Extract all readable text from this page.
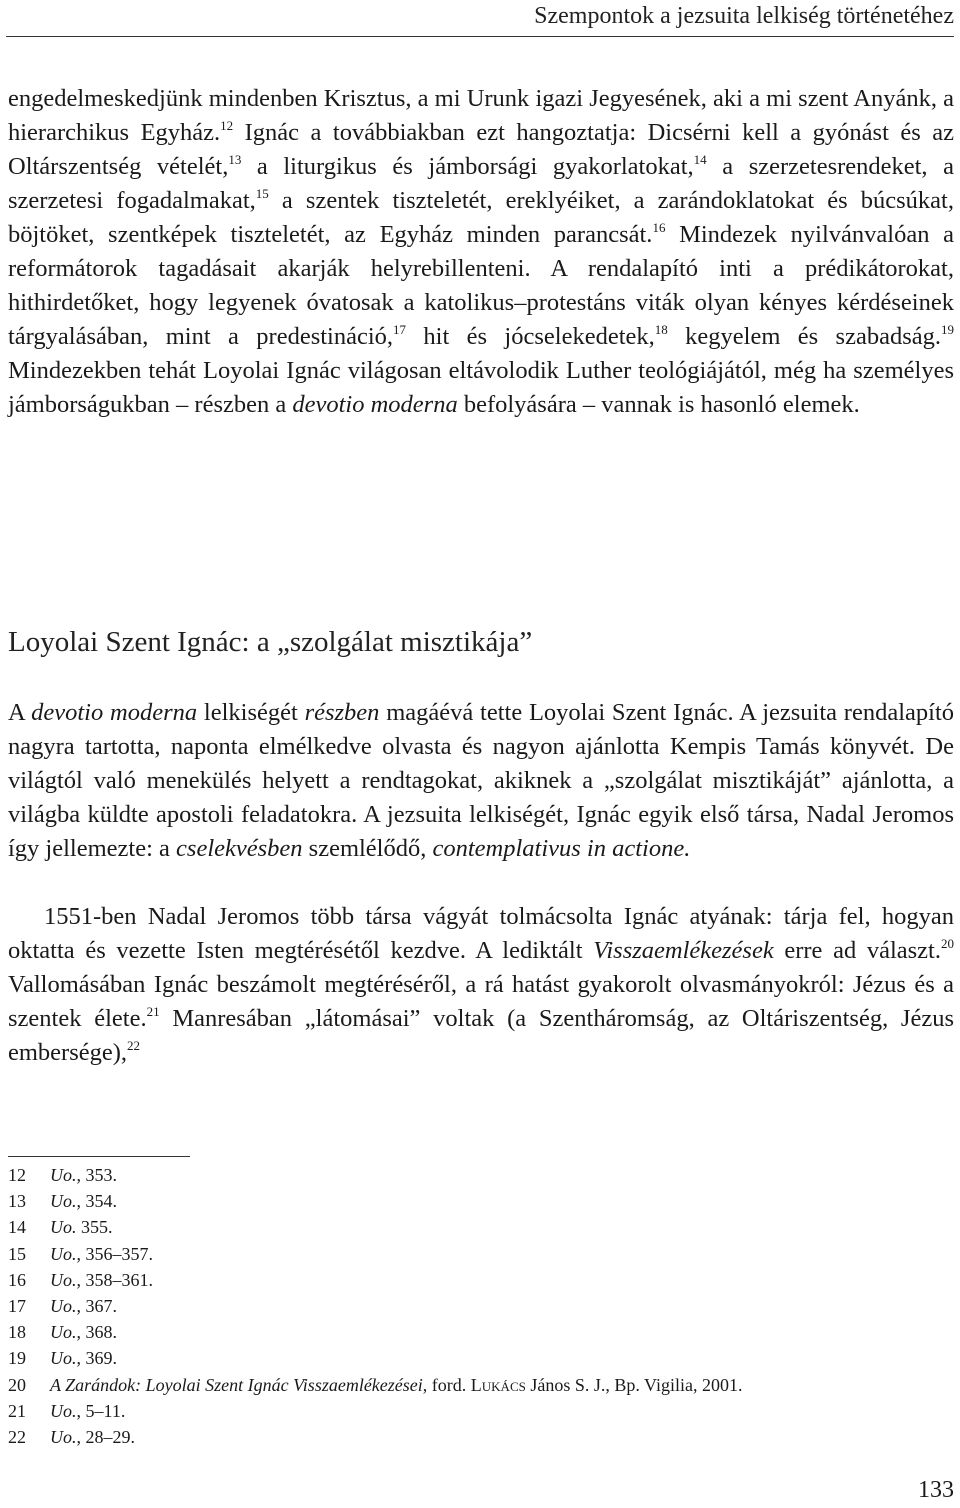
Szempontok a jezsuita lelkiség történetéhez

engedelmeskedjünk mindenben Krisztus, a mi Urunk igazi Jegyesének, aki a mi szent Anyánk, a hierarchikus Egyház.$^{12}$ Ignác a továbbiakban ezt hangoztatja: Dicsérni kell a gyónást és az Oltárszentség vételét,$^{13}$ a liturgikus és jámborsági gyakorlatokat,$^{14}$ a szerzetesrendeket, a szerzetesi fogadalmakat,$^{15}$ a szentek tiszteletét, ereklyéiket, a zarándoklatokat és búcsúkat, böjtöket, szentképek tiszteletét, az Egyház minden parancsát.$^{16}$ Mindezek nyilvánvalóan a reformátorok tagadásait akarják helyrebillenteni. A rendalapító inti a prédikátorokat, hithirdetőket, hogy legyenek óvatosak a katolikus–protestáns viták olyan kényes kérdéseinek tárgyalásában, mint a predestináció,$^{17}$ hit és jócselekedetek,$^{18}$ kegyelem és szabadság.$^{19}$ Mindezekben tehát Loyolai Ignác világosan eltávolodik Luther teológiájától, még ha személyes jámborságukban – részben a devotio moderna befolyására – vannak is hasonló elemek.

Loyolai Szent Ignác: a „szolgálat misztikája”

A devotio moderna lelkiségét részben magáévá tette Loyolai Szent Ignác. A jezsuita rendalapító nagyra tartotta, naponta elmélkedve olvasta és nagyon ajánlotta Kempis Tamás könyvét. De világtól való menekülés helyett a rendtagokat, akiknek a „szolgálat misztikáját” ajánlotta, a világba küldte apostoli feladatokra. A jezsuita lelkiségét, Ignác egyik első társa, Nadal Jeromos így jellemezte: a cselekvésben szemlélődő, contemplativus in actione.

1551-ben Nadal Jeromos több társa vágyát tolmácsolta Ignác atyának: tárja fel, hogyan oktatta és vezette Isten megtérésétől kezdve. A lediktált Visszaemlékezések erre ad választ.$^{20}$ Vallomásában Ignác beszámolt megtéréséről, a rá hatást gyakorolt olvasmányokról: Jézus és a szentek élete.$^{21}$ Manresában „látomásai” voltak (a Szentháromság, az Oltáriszentség, Jézus embersége),$^{22}$

12	Uo., 353.
13	Uo., 354.
14	Uo. 355.
15	Uo., 356–357.
16	Uo., 358–361.
17	Uo., 367.
18	Uo., 368.
19	Uo., 369.
20	A Zarándok: Loyolai Szent Ignác Visszaemlékezései, ford. Lukács János S. J., Bp. Vigilia, 2001.
21	Uo., 5–11.
22	Uo., 28–29.
133
